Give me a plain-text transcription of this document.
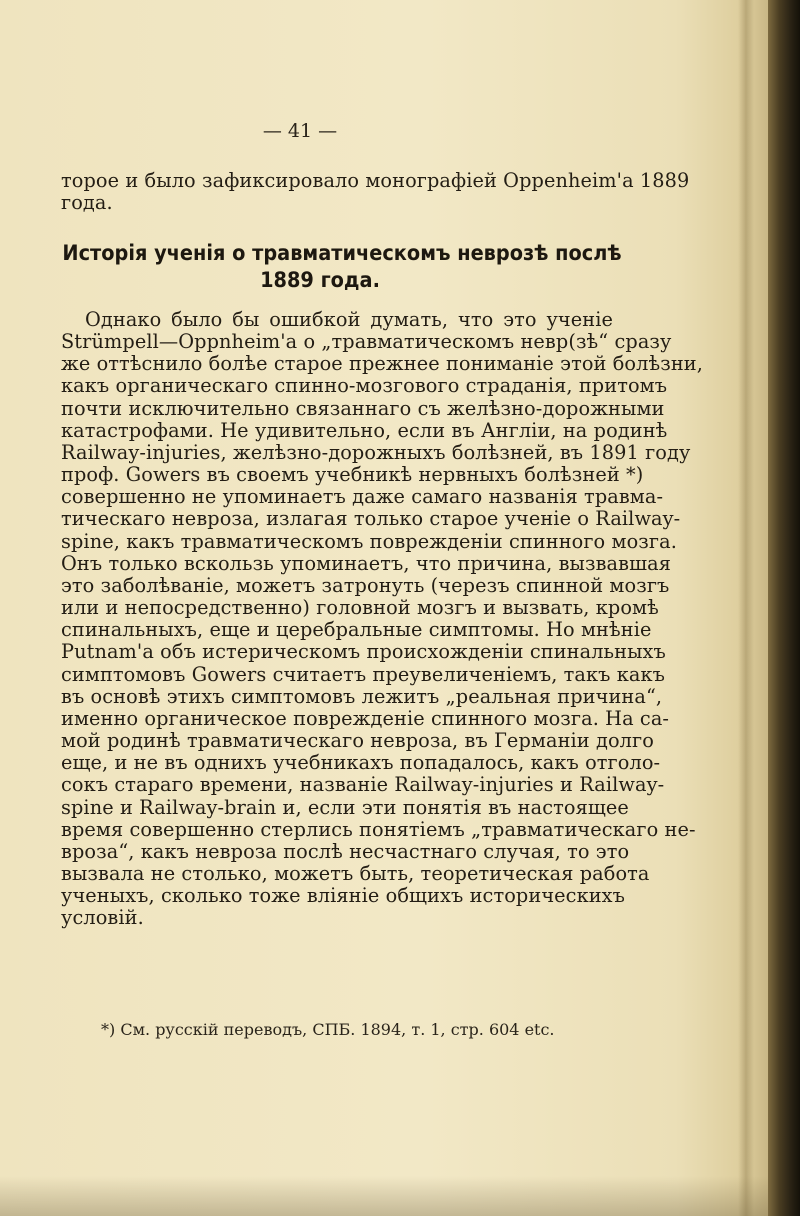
— 41 —
торое и было зафиксировало монографіей Oppenheim'a 1889
года.
Исторія ученія о травматическомъ неврозѣ послѣ
1889 года.
Однако было бы ошибкой думать, что это ученіе
Strümpell—Oppnheim'a о „травматическомъ невр(зѣ“ сразу
же оттѣснило болѣе старое прежнее пониманіе этой болѣзни,
какъ органическаго спинно-мозгового страданія, притомъ
почти исключительно связаннаго съ желѣзно-дорожными
катастрофами. Не удивительно, если въ Англіи, на родинѣ
Railway-injuries, желѣзно-дорожныхъ болѣзней, въ 1891 году
проф. Gowers въ своемъ учебникѣ нервныхъ болѣзней *)
совершенно не упоминаетъ даже самаго названія травма-
тическаго невроза, излагая только старое ученіе о Railway-
spine, какъ травматическомъ поврежденіи спинного мозга.
Онъ только вскользь упоминаетъ, что причина, вызвавшая
это заболѣваніе, можетъ затронуть (черезъ спинной мозгъ
или и непосредственно) головной мозгъ и вызвать, кромѣ
спинальныхъ, еще и церебральные симптомы. Но мнѣніе
Putnam'a объ истерическомъ происхожденіи спинальныхъ
симптомовъ Gowers считаетъ преувеличеніемъ, такъ какъ
въ основѣ этихъ симптомовъ лежитъ „реальная причина“,
именно органическое поврежденіе спинного мозга. На са-
мой родинѣ травматическаго невроза, въ Германіи долго
еще, и не въ однихъ учебникахъ попадалось, какъ отголо-
сокъ стараго времени, названіе Railway-injuries и Railway-
spine и Railway-brain и, если эти понятія въ настоящее
время совершенно стерлись понятіемъ „травматическаго не-
вроза“, какъ невроза послѣ несчастнаго случая, то это
вызвала не столько, можетъ быть, теоретическая работа
ученыхъ, сколько тоже вліяніе общихъ историческихъ
условій.
*) См. русскій переводъ, СПБ. 1894, т. 1, стр. 604 etc.
